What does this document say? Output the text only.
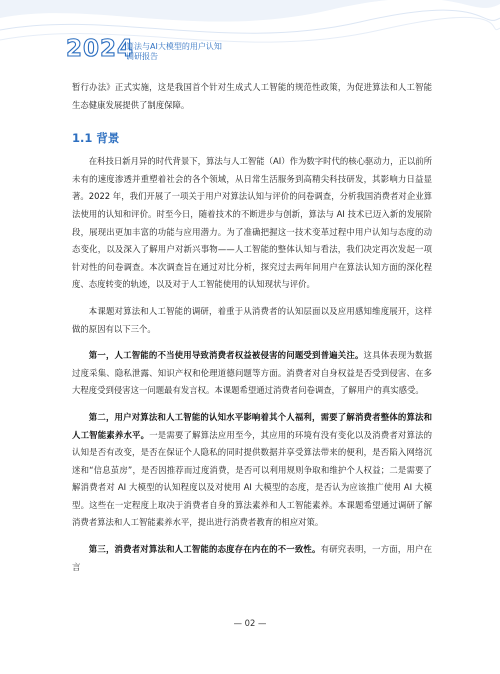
2024
算法与AI大模型的用户认知
调研报告

暂行办法》正式实施，这是我国首个针对生成式人工智能的规范性政策，为促进算法和人工智能生态健康发展提供了制度保障。

1.1 背景

在科技日新月异的时代背景下，算法与人工智能（AI）作为数字时代的核心驱动力，正以前所未有的速度渗透并重塑着社会的各个领域，从日常生活服务到高精尖科技研发，其影响力日益显著。2022 年，我们开展了一项关于用户对算法认知与评价的问卷调查，分析我国消费者对企业算法使用的认知和评价。时至今日，随着技术的不断进步与创新，算法与 AI 技术已迈入新的发展阶段，展现出更加丰富的功能与应用潜力。为了准确把握这一技术变革过程中用户认知与态度的动态变化，以及深入了解用户对新兴事物——人工智能的整体认知与看法，我们决定再次发起一项针对性的问卷调查。本次调查旨在通过对比分析，探究过去两年间用户在算法认知方面的深化程度、态度转变的轨迹，以及对于人工智能使用的认知现状与评价。

本课题对算法和人工智能的调研，着重于从消费者的认知层面以及应用感知维度展开，这样做的原因有以下三个。

第一，人工智能的不当使用导致消费者权益被侵害的问题受到普遍关注。这具体表现为数据过度采集、隐私泄露、知识产权和伦理道德问题等方面。消费者对自身权益是否受到侵害、在多大程度受到侵害这一问题最有发言权。本课题希望通过消费者问卷调查，了解用户的真实感受。

第二，用户对算法和人工智能的认知水平影响着其个人福利，需要了解消费者整体的算法和人工智能素养水平。一是需要了解算法应用至今，其应用的环境有没有变化以及消费者对算法的认知是否有改变，是否在保证个人隐私的同时提供数据并享受算法带来的便利，是否陷入网络沉迷和“信息茧房”，是否因推荐而过度消费，是否可以利用规则争取和维护个人权益；二是需要了解消费者对 AI 大模型的认知程度以及对使用 AI 大模型的态度，是否认为应该推广使用 AI 大模型。这些在一定程度上取决于消费者自身的算法素养和人工智能素养。本课题希望通过调研了解消费者算法和人工智能素养水平，提出进行消费者教育的相应对策。

第三，消费者对算法和人工智能的态度存在内在的不一致性。有研究表明，一方面，用户在言

— 02 —
